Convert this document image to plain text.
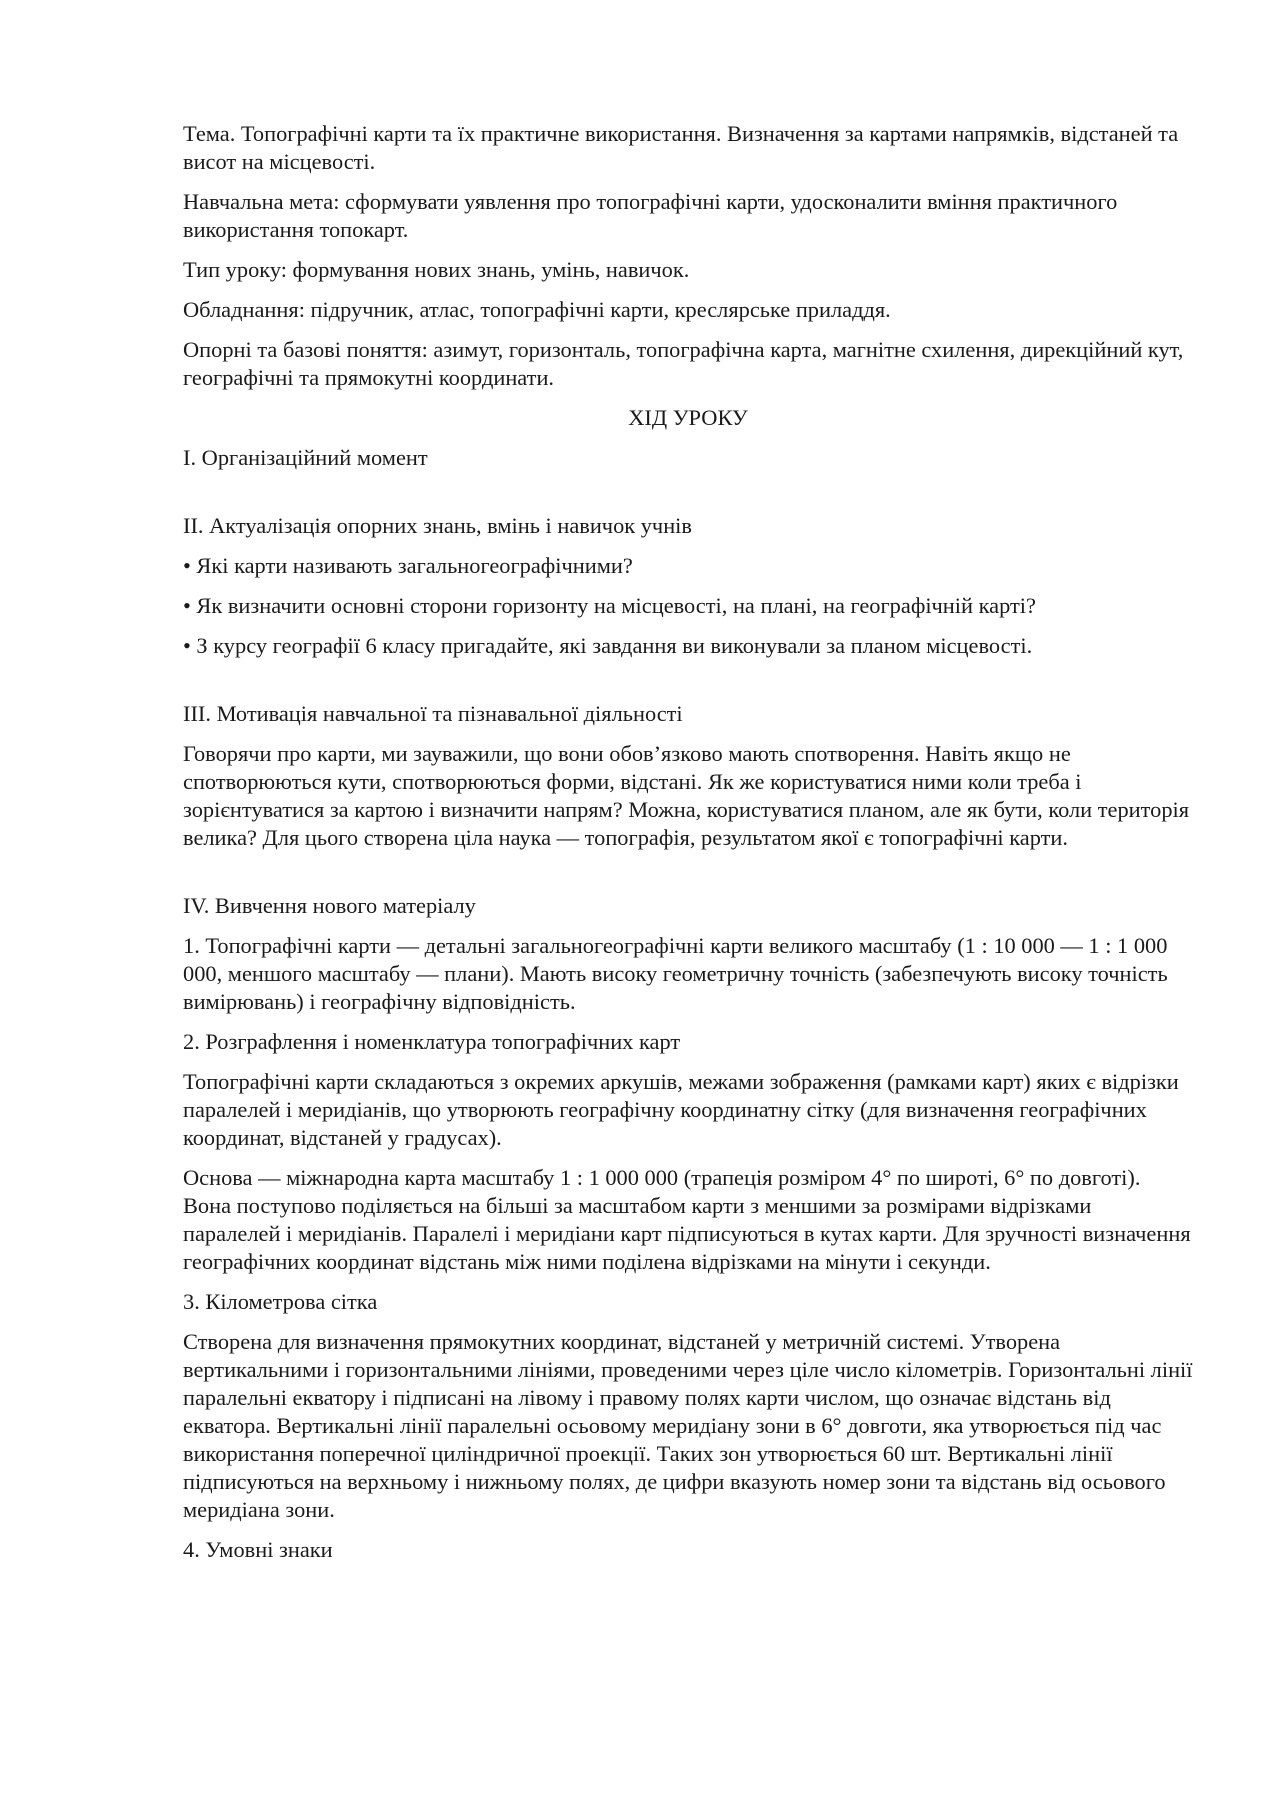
Тема. Топографічні карти та їх практичне використання. Визначення за картами напрямків, відстаней та висот на місцевості.

Навчальна мета: сформувати уявлення про топографічні карти, удосконалити вміння практичного використання топокарт.

Тип уроку: формування нових знань, умінь, навичок.

Обладнання: підручник, атлас, топографічні карти, креслярське приладдя.

Опорні та базові поняття: азимут, горизонталь, топографічна карта, магнітне схилення, дирекційний кут, географічні та прямокутні координати.

ХІД УРОКУ

I. Організаційний момент

II. Актуалізація опорних знань, вмінь і навичок учнів

• Які карти називають загальногеографічними?

• Як визначити основні сторони горизонту на місцевості, на плані, на географічній карті?

• З курсу географії 6 класу пригадайте, які завдання ви виконували за планом місцевості.

III. Мотивація навчальної та пізнавальної діяльності

Говорячи про карти, ми зауважили, що вони обов’язково мають спотворення. Навіть якщо не спотворюються кути, спотворюються форми, відстані. Як же користуватися ними коли треба і зорієнтуватися за картою і визначити напрям? Можна, користуватися планом, але як бути, коли територія велика? Для цього створена ціла наука — топографія, результатом якої є топографічні карти.

IV. Вивчення нового матеріалу

1. Топографічні карти — детальні загальногеографічні карти великого масштабу (1 : 10 000 — 1 : 1 000 000, меншого масштабу — плани). Мають високу геометричну точність (забезпечують високу точність вимірювань) і географічну відповідність.

2. Розграфлення і номенклатура топографічних карт

Топографічні карти складаються з окремих аркушів, межами зображення (рамками карт) яких є відрізки паралелей і меридіанів, що утворюють географічну координатну сітку (для визначення географічних координат, відстаней у градусах).

Основа — міжнародна карта масштабу 1 : 1 000 000 (трапеція розміром 4° по широті, 6° по довготі). Вона поступово поділяється на більші за масштабом карти з меншими за розмірами відрізками паралелей і меридіанів. Паралелі і меридіани карт підписуються в кутах карти. Для зручності визначення географічних координат відстань між ними поділена відрізками на мінути і секунди.

3. Кілометрова сітка

Створена для визначення прямокутних координат, відстаней у метричній системі. Утворена вертикальними і горизонтальними лініями, проведеними через ціле число кілометрів. Горизонтальні лінії паралельні екватору і підписані на лівому і правому полях карти числом, що означає відстань від екватора. Вертикальні лінії паралельні осьовому меридіану зони в 6° довготи, яка утворюється під час використання поперечної циліндричної проекції. Таких зон утворюється 60 шт. Вертикальні лінії підписуються на верхньому і нижньому полях, де цифри вказують номер зони та відстань від осьового меридіана зони.

4. Умовні знаки
